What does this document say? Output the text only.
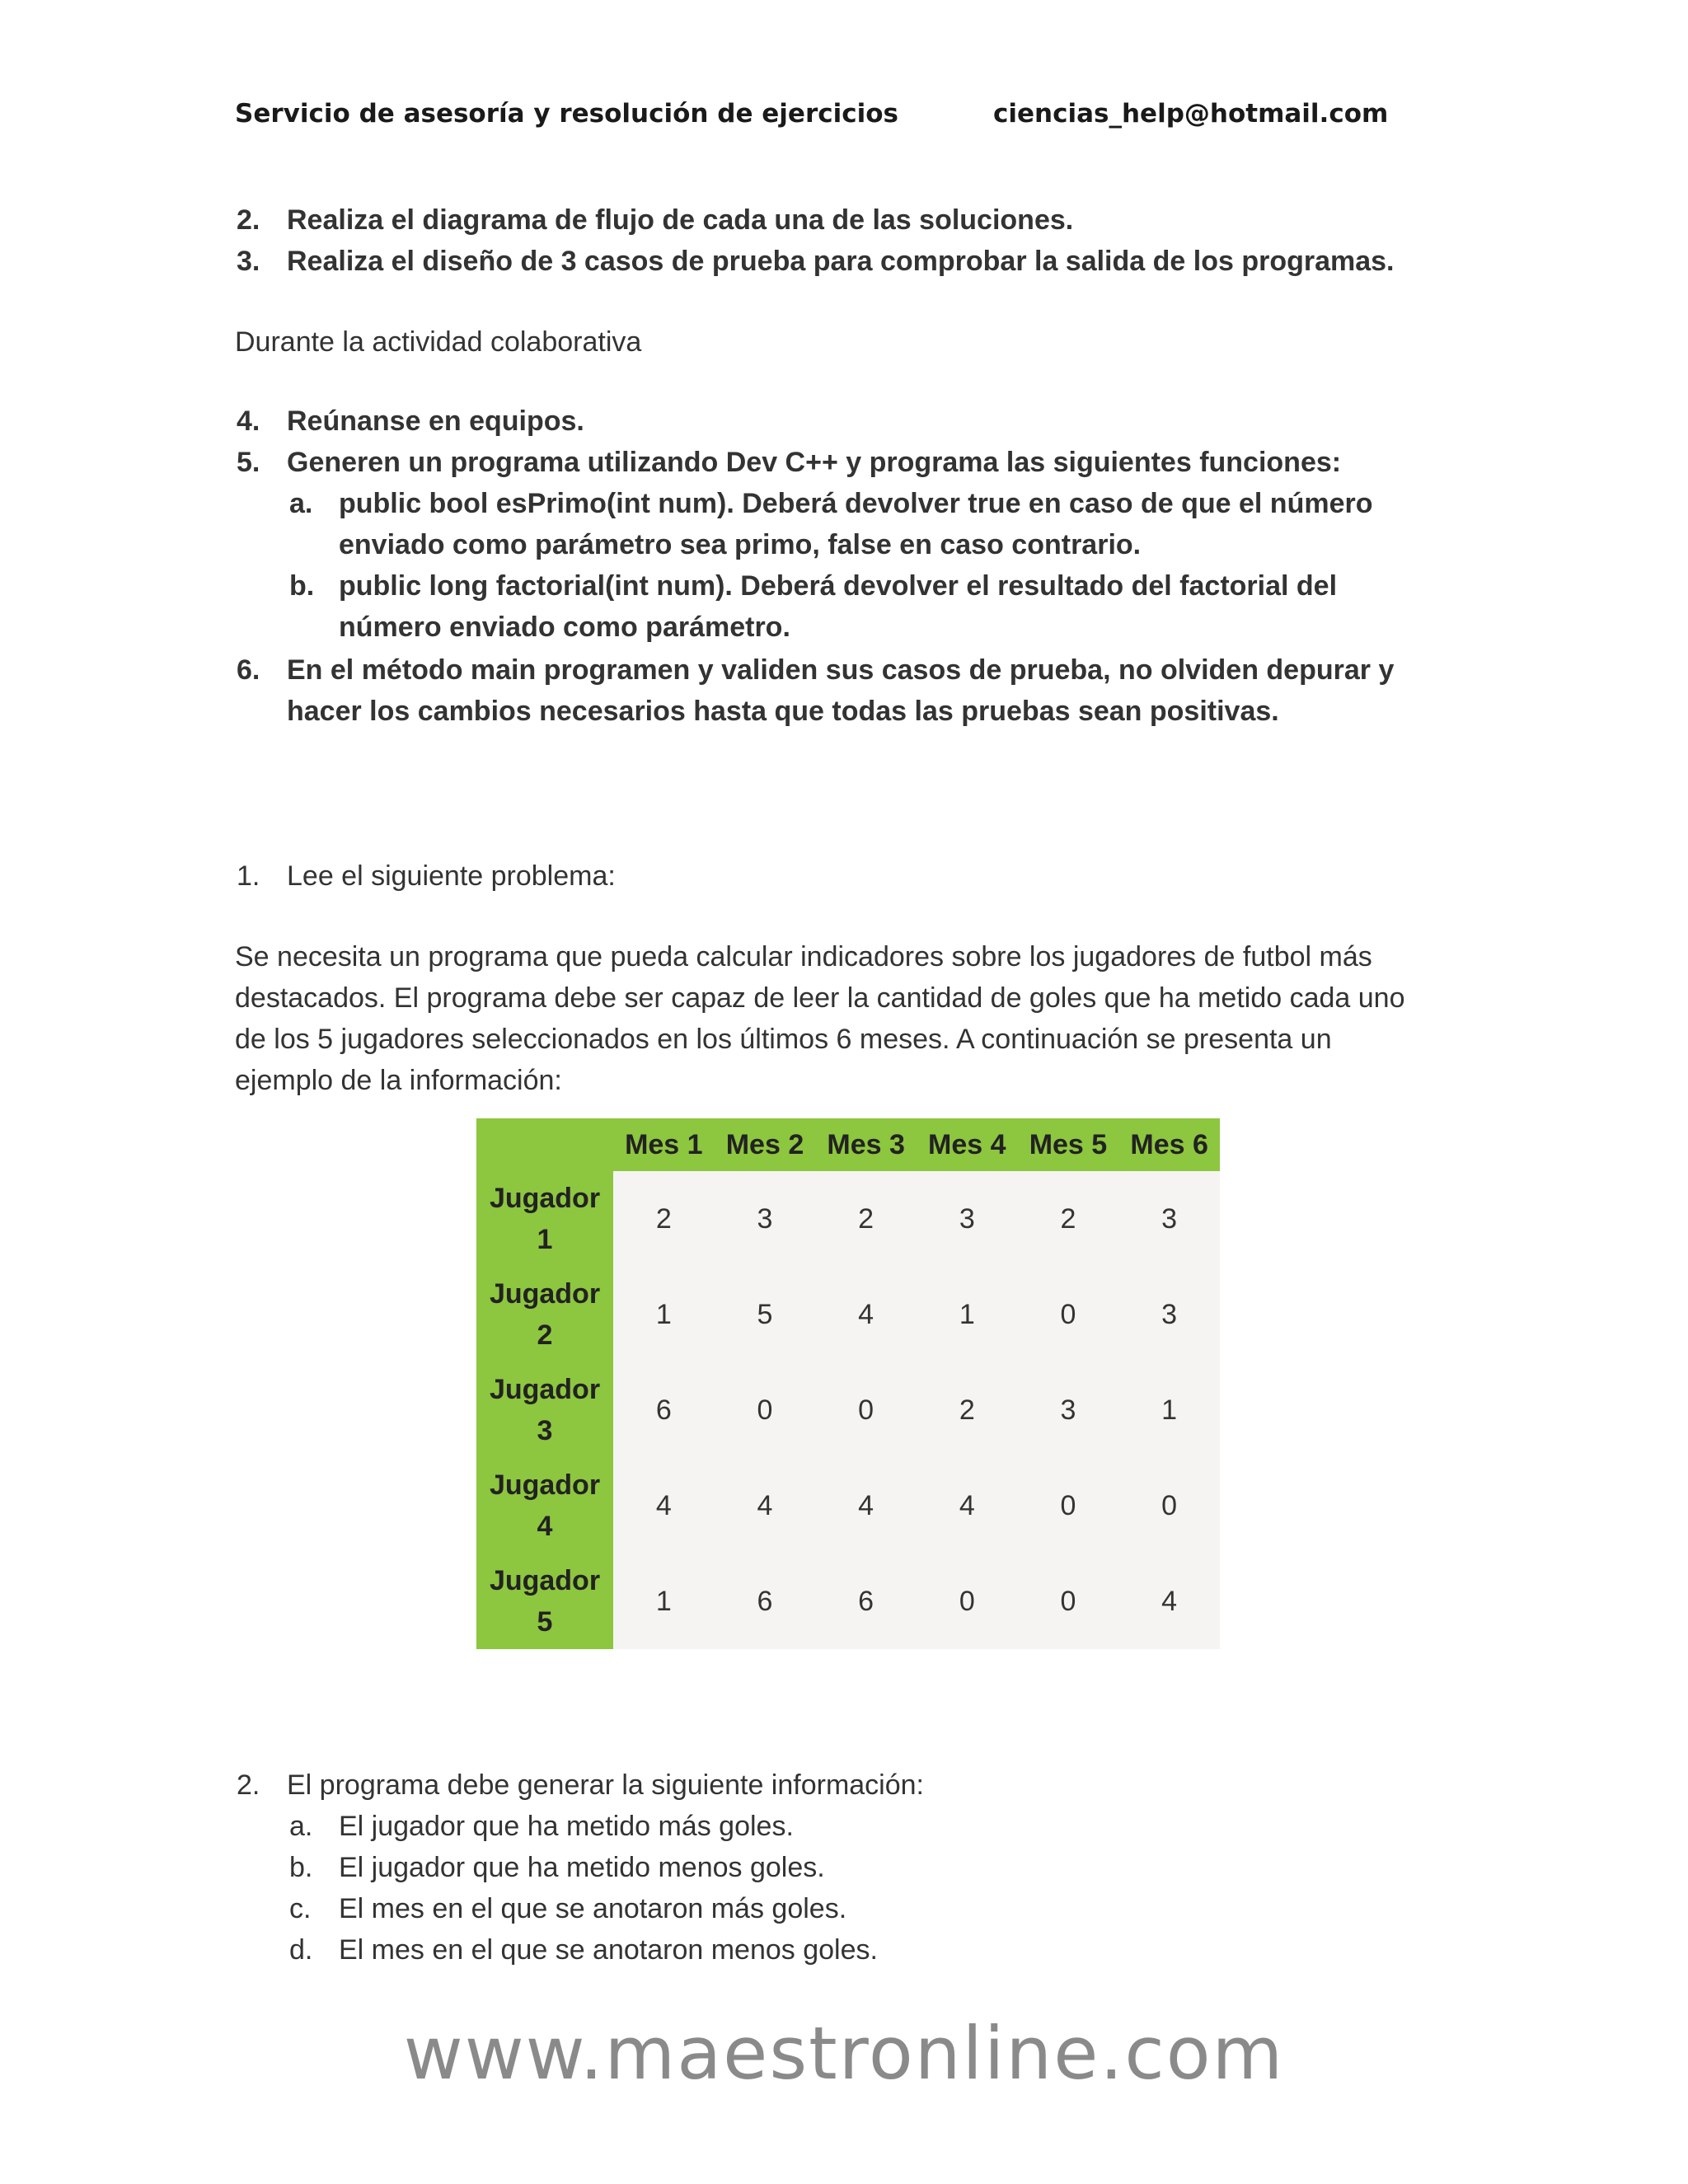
Servicio de asesoría y resolución de ejercicios	ciencias_help@hotmail.com
2. Realiza el diagrama de flujo de cada una de las soluciones.
3. Realiza el diseño de 3 casos de prueba para comprobar la salida de los programas.
Durante la actividad colaborativa
4. Reúnanse en equipos.
5. Generen un programa utilizando Dev C++ y programa las siguientes funciones:
a. public bool esPrimo(int num). Deberá devolver true en caso de que el número
enviado como parámetro sea primo, false en caso contrario.
b. public long factorial(int num). Deberá devolver el resultado del factorial del
número enviado como parámetro.
6. En el método main programen y validen sus casos de prueba, no olviden depurar y
hacer los cambios necesarios hasta que todas las pruebas sean positivas.
1. Lee el siguiente problema:
Se necesita un programa que pueda calcular indicadores sobre los jugadores de futbol más
destacados. El programa debe ser capaz de leer la cantidad de goles que ha metido cada uno
de los 5 jugadores seleccionados en los últimos 6 meses. A continuación se presenta un
ejemplo de la información:
	Mes 1	Mes 2	Mes 3	Mes 4	Mes 5	Mes 6

Jugador
1	2	3	2	3	2	3

Jugador
2	1	5	4	1	0	3

Jugador
3	6	0	0	2	3	1

Jugador
4	4	4	4	4	0	0

Jugador
5	1	6	6	0	0	4
2. El programa debe generar la siguiente información:
a. El jugador que ha metido más goles.
b. El jugador que ha metido menos goles.
c. El mes en el que se anotaron más goles.
d. El mes en el que se anotaron menos goles.
www.maestronline.com
